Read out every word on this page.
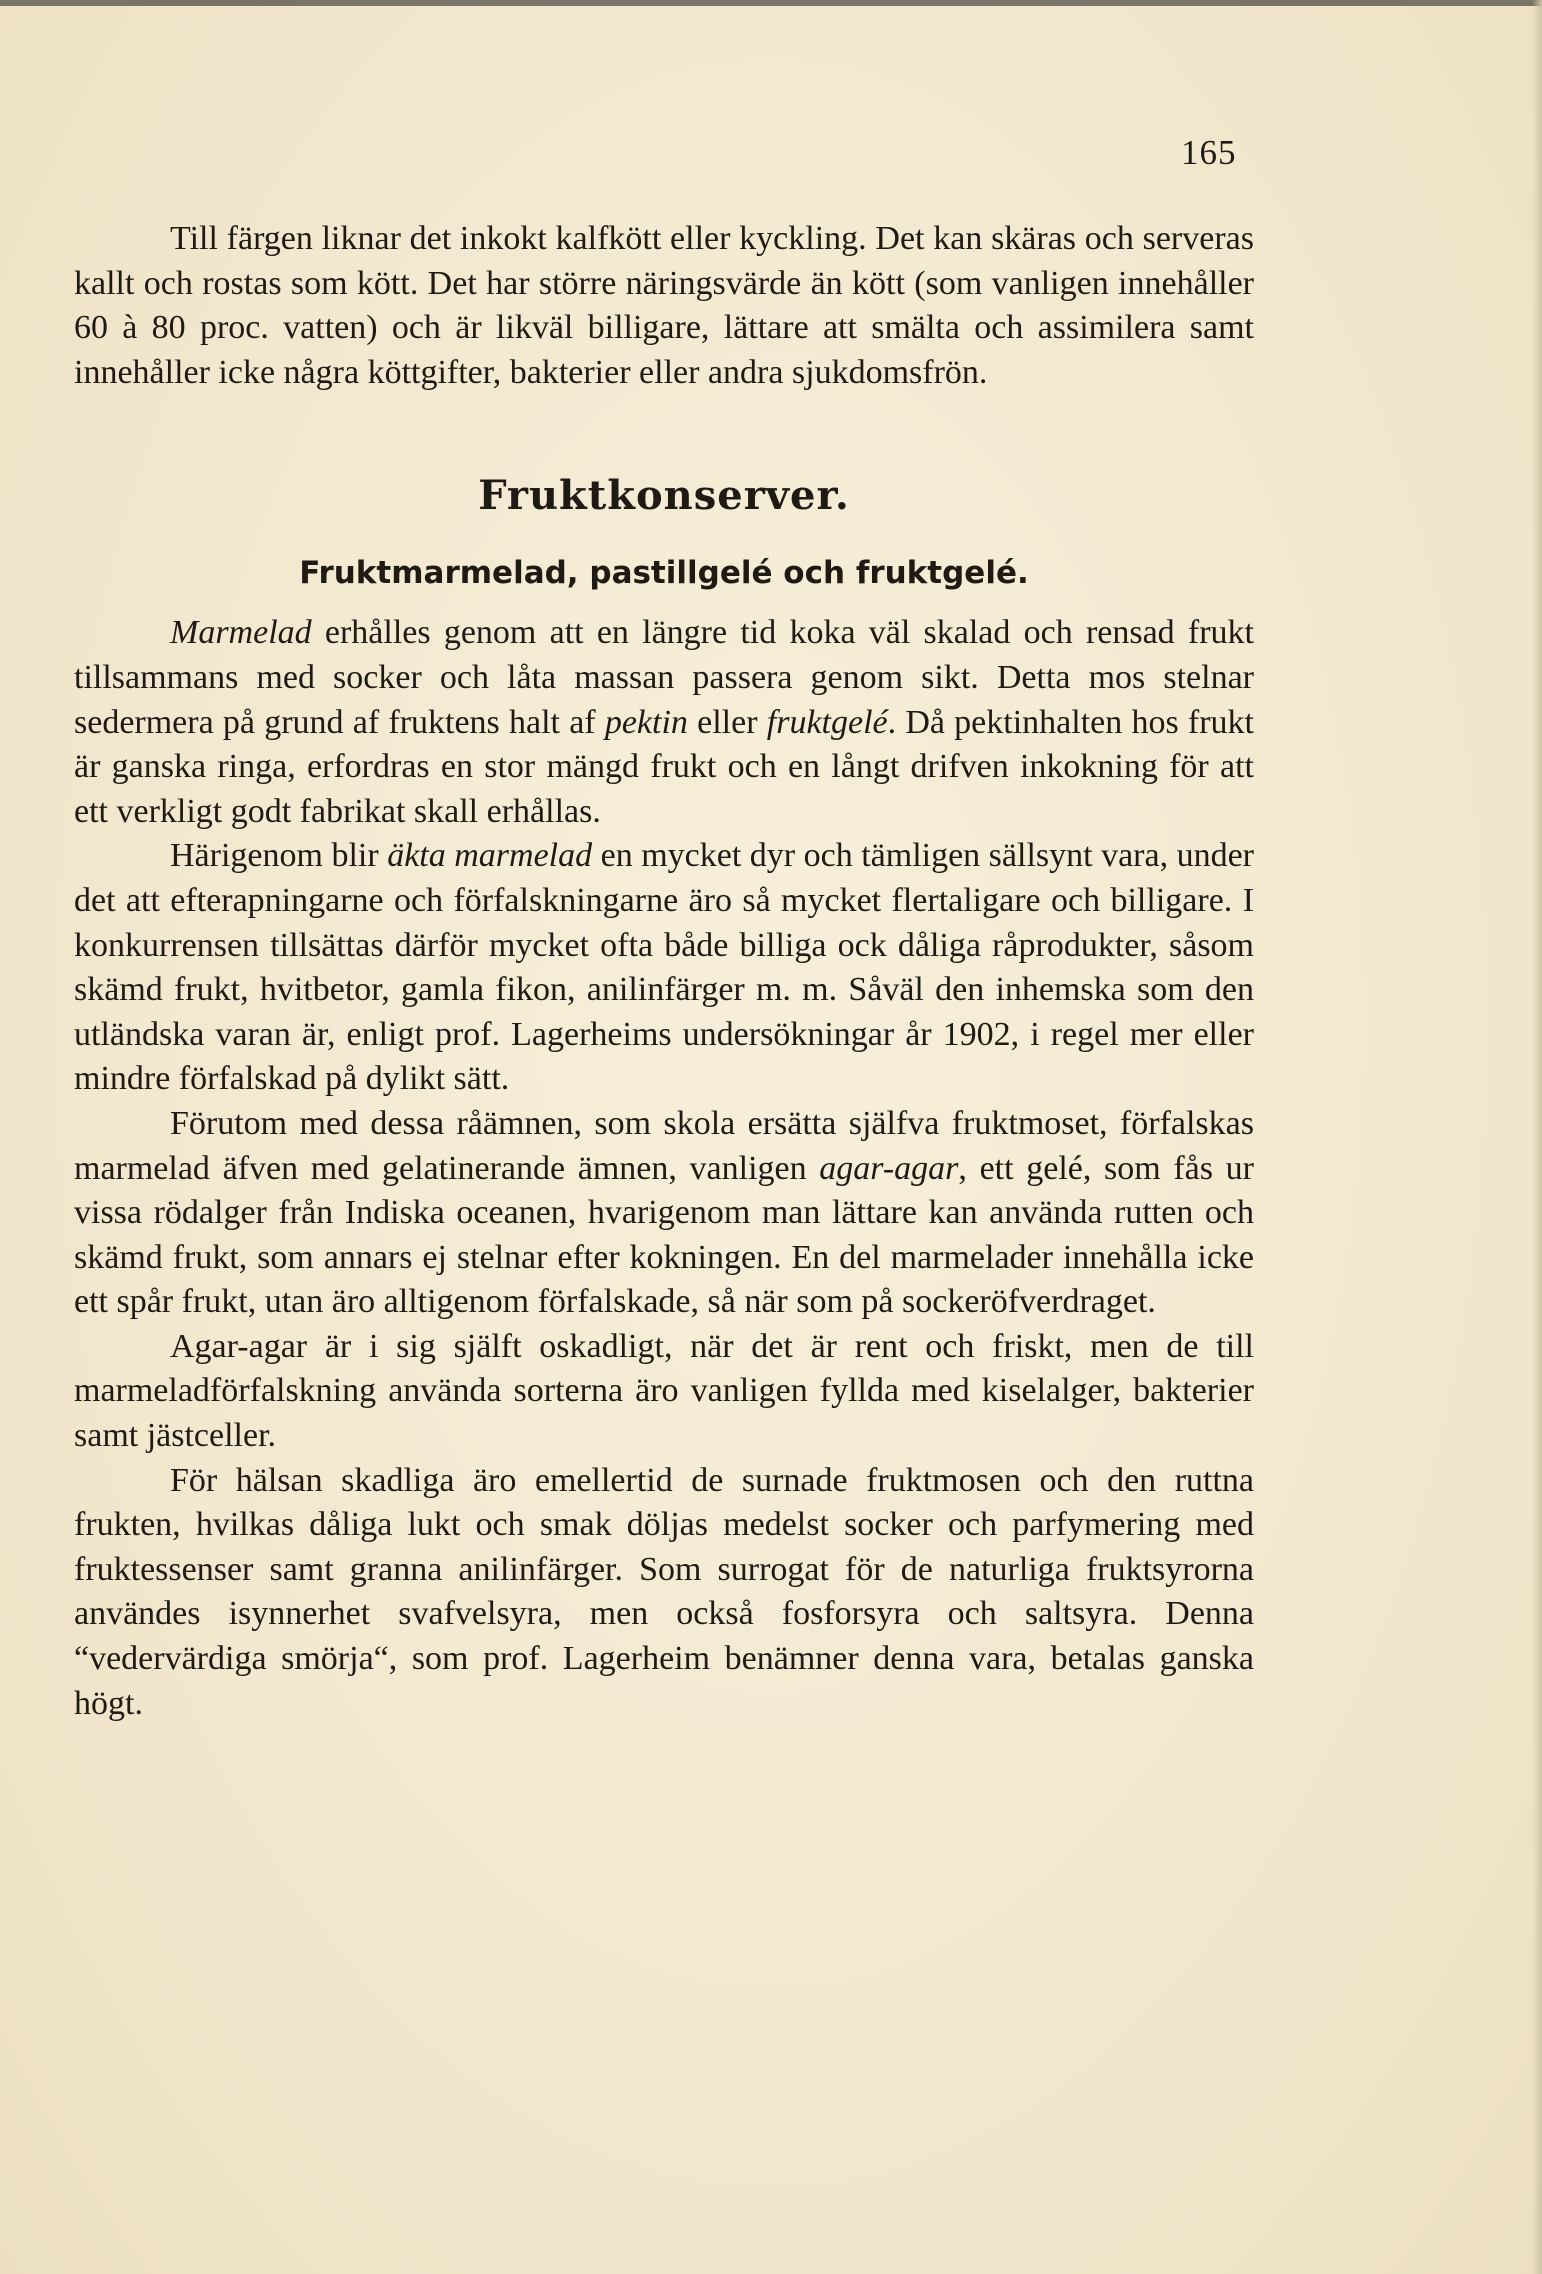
165

Till färgen liknar det inkokt kalfkött eller kyckling. Det kan skäras och serveras kallt och rostas som kött. Det har större näringsvärde än kött (som vanligen innehåller 60 à 80 proc. vatten) och är likväl billigare, lättare att smälta och assimilera samt innehåller icke några köttgifter, bakterier eller andra sjukdomsfrön.

Fruktkonserver.
Fruktmarmelad, pastillgelé och fruktgelé.

Marmelad erhålles genom att en längre tid koka väl skalad och rensad frukt tillsammans med socker och låta massan passera genom sikt. Detta mos stelnar sedermera på grund af fruktens halt af pektin eller fruktgelé. Då pektinhalten hos frukt är ganska ringa, erfordras en stor mängd frukt och en långt drifven inkokning för att ett verkligt godt fabrikat skall erhållas.

Härigenom blir äkta marmelad en mycket dyr och tämligen sällsynt vara, under det att efterapningarne och förfalskningarne äro så mycket flertaligare och billigare. I konkurrensen tillsättas därför mycket ofta både billiga ock dåliga råprodukter, såsom skämd frukt, hvitbetor, gamla fikon, anilinfärger m. m. Såväl den inhemska som den utländska varan är, enligt prof. Lagerheims undersökningar år 1902, i regel mer eller mindre förfalskad på dylikt sätt.

Förutom med dessa råämnen, som skola ersätta själfva fruktmoset, förfalskas marmelad äfven med gelatinerande ämnen, vanligen agar-agar, ett gelé, som fås ur vissa rödalger från Indiska oceanen, hvarigenom man lättare kan använda rutten och skämd frukt, som annars ej stelnar efter kokningen. En del marmelader innehålla icke ett spår frukt, utan äro alltigenom förfalskade, så när som på sockeröfverdraget.

Agar-agar är i sig själft oskadligt, när det är rent och friskt, men de till marmeladförfalskning använda sorterna äro vanligen fyllda med kiselalger, bakterier samt jästceller.

För hälsan skadliga äro emellertid de surnade fruktmosen och den ruttna frukten, hvilkas dåliga lukt och smak döljas medelst socker och parfymering med fruktessenser samt granna anilinfärger. Som surrogat för de naturliga fruktsyrorna användes isynnerhet svafvelsyra, men också fosforsyra och saltsyra. Denna “vedervärdiga smörja“, som prof. Lagerheim benämner denna vara, betalas ganska högt.
